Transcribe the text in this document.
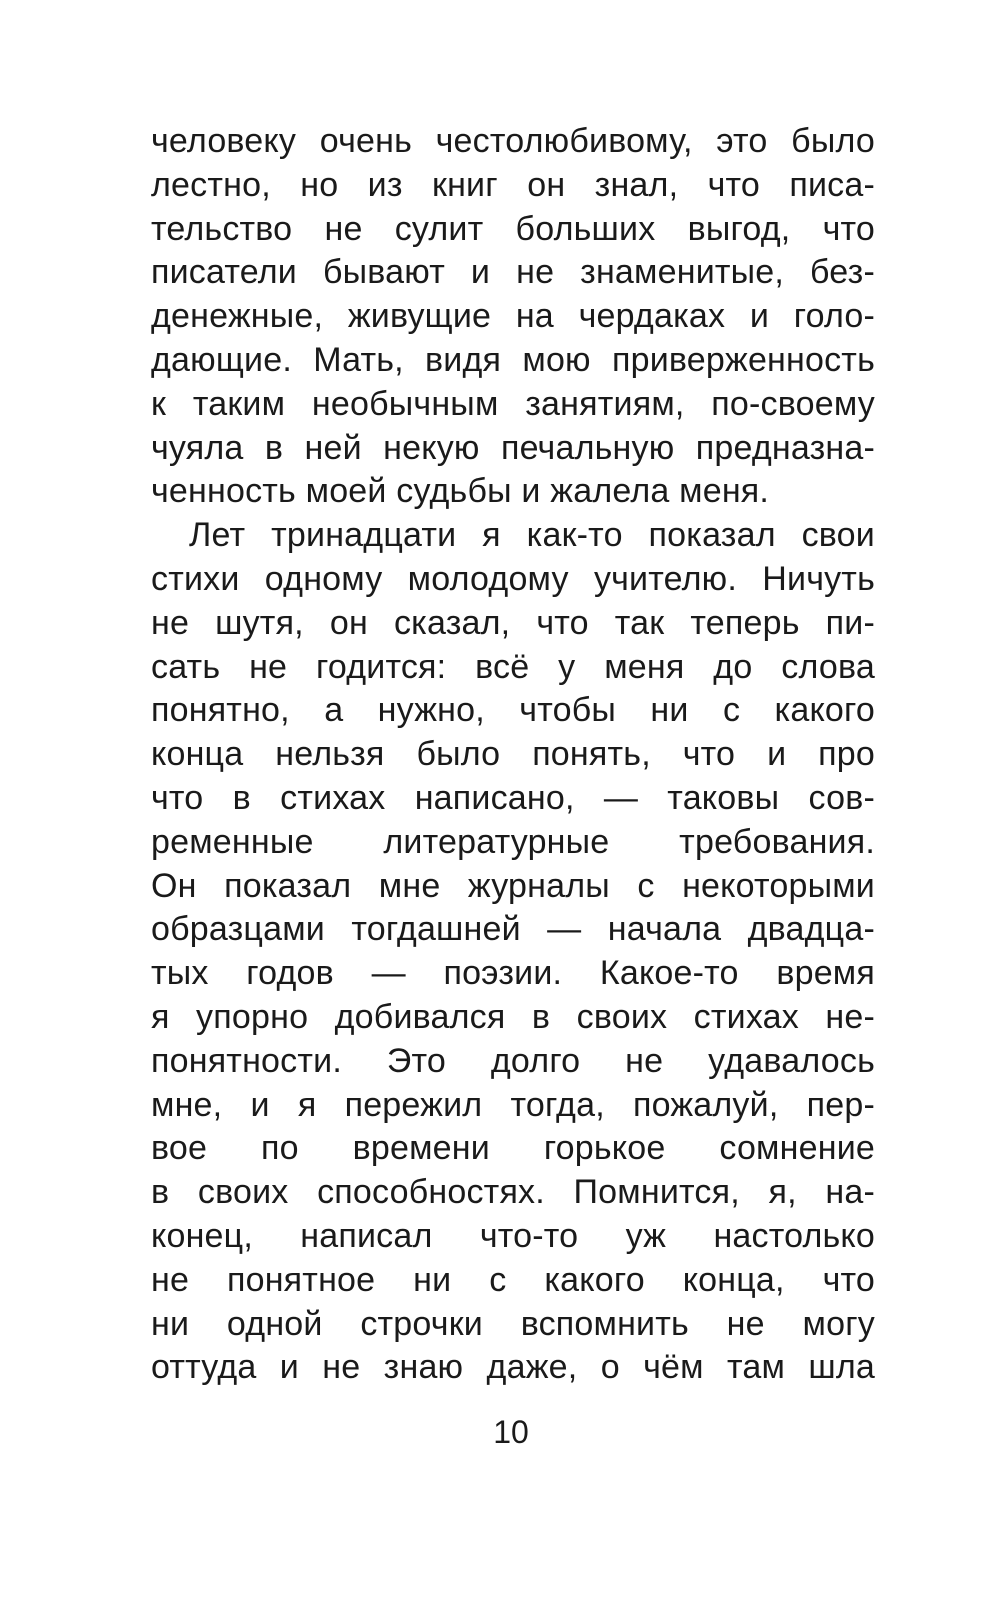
человеку очень честолюбивому, это было
лестно, но из книг он знал, что писа-
тельство не сулит больших выгод, что
писатели бывают и не знаменитые, без-
денежные, живущие на чердаках и голо-
дающие. Мать, видя мою приверженность
к таким необычным занятиям, по-своему
чуяла в ней некую печальную предназна-
ченность моей судьбы и жалела меня.
Лет тринадцати я как-то показал свои
стихи одному молодому учителю. Ничуть
не шутя, он сказал, что так теперь пи-
сать не годится: всё у меня до слова
понятно, а нужно, чтобы ни с какого
конца нельзя было понять, что и про
что в стихах написано, — таковы сов-
ременные литературные требования.
Он показал мне журналы с некоторыми
образцами тогдашней — начала двадца-
тых годов — поэзии. Какое-то время
я упорно добивался в своих стихах не-
понятности. Это долго не удавалось
мне, и я пережил тогда, пожалуй, пер-
вое по времени горькое сомнение
в своих способностях. Помнится, я, на-
конец, написал что-то уж настолько
не понятное ни с какого конца, что
ни одной строчки вспомнить не могу
оттуда и не знаю даже, о чём там шла
10
